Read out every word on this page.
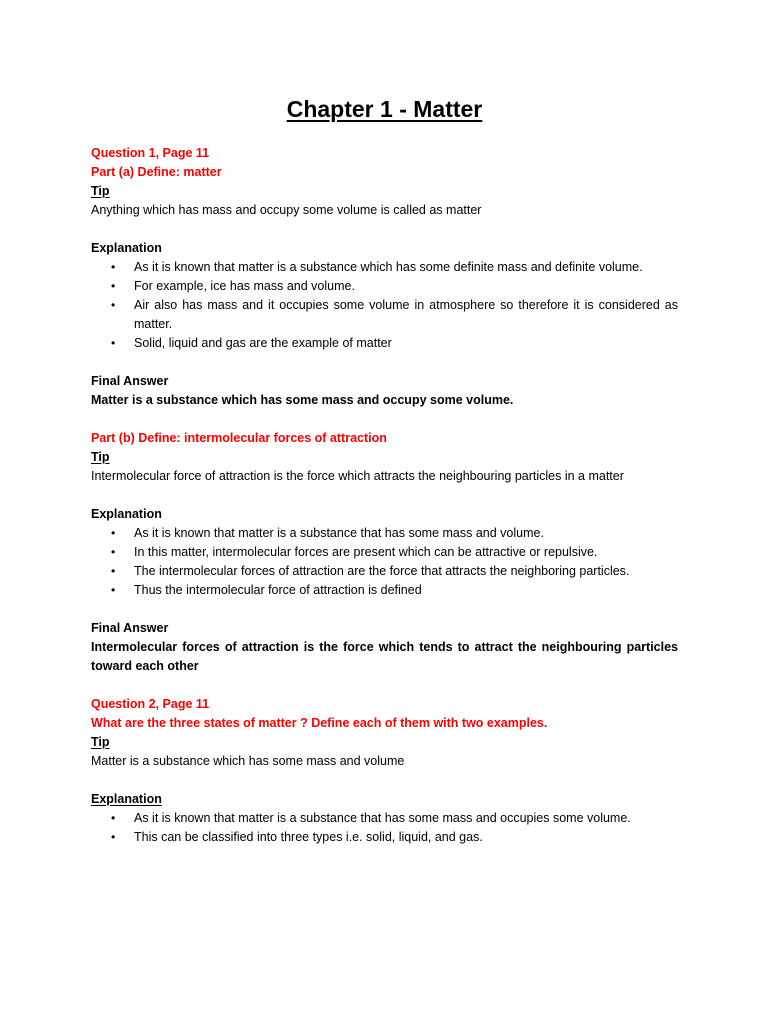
Chapter 1 - Matter

Question 1, Page 11

Part (a) Define: matter

Tip

Anything which has mass and occupy some volume is called as matter

Explanation

• As it is known that matter is a substance which has some definite mass and definite volume.
• For example, ice has mass and volume.
• Air also has mass and it occupies some volume in atmosphere so therefore it is considered as matter.
• Solid, liquid and gas are the example of matter

Final Answer

Matter is a substance which has some mass and occupy some volume.

Part (b) Define: intermolecular forces of attraction

Tip

Intermolecular force of attraction is the force which attracts the neighbouring particles in a matter

Explanation

• As it is known that matter is a substance that has some mass and volume.
• In this matter, intermolecular forces are present which can be attractive or repulsive.
• The intermolecular forces of attraction are the force that attracts the neighboring particles.
• Thus the intermolecular force of attraction is defined

Final Answer

Intermolecular forces of attraction is the force which tends to attract the neighbouring particles toward each other

Question 2, Page 11

What are the three states of matter ? Define each of them with two examples.

Tip

Matter is a substance which has some mass and volume

Explanation

• As it is known that matter is a substance that has some mass and occupies some volume.
• This can be classified into three types i.e. solid, liquid, and gas.
